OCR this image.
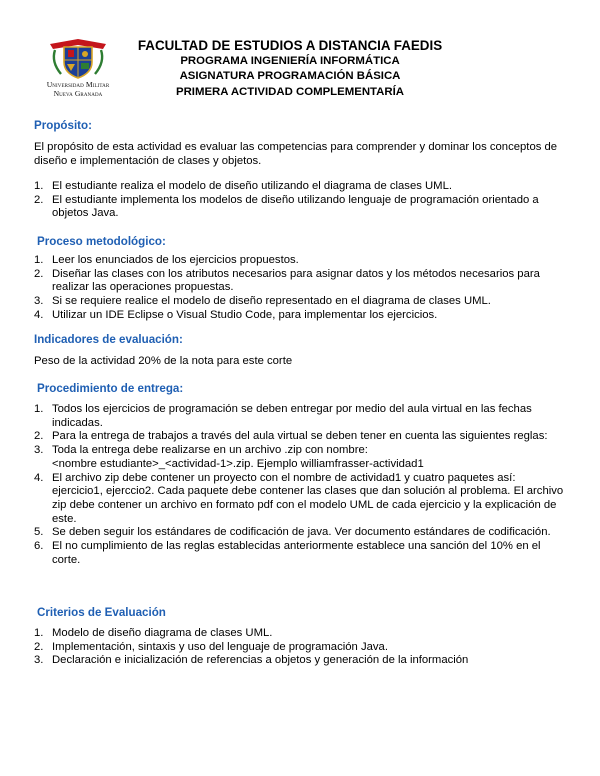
Universidad Militar
Nueva Granada
FACULTAD DE ESTUDIOS A DISTANCIA FAEDIS
PROGRAMA INGENIERÍA INFORMÁTICA
ASIGNATURA PROGRAMACIÓN BÁSICA
PRIMERA ACTIVIDAD COMPLEMENTARÍA
Propósito:
El propósito de esta actividad es evaluar las competencias para comprender y dominar los conceptos de diseño e implementación de clases y objetos.
1. El estudiante realiza el modelo de diseño utilizando el diagrama de clases UML.
2. El estudiante implementa los modelos de diseño utilizando lenguaje de programación orientado a objetos Java.
Proceso metodológico:
1. Leer los enunciados de los ejercicios propuestos.
2. Diseñar las clases con los atributos necesarios para asignar datos y los métodos necesarios para realizar las operaciones propuestas.
3. Si se requiere realice el modelo de diseño representado en el diagrama de clases UML.
4. Utilizar un IDE Eclipse o Visual Studio Code, para implementar los ejercicios.
Indicadores de evaluación:
Peso de la actividad 20% de la nota para este corte
Procedimiento de entrega:
1. Todos los ejercicios de programación se deben entregar por medio del aula virtual en las fechas indicadas.
2. Para la entrega de trabajos a través del aula virtual se deben tener en cuenta las siguientes reglas:
3. Toda la entrega debe realizarse en un archivo .zip con nombre:
<nombre estudiante>_<actividad-1>.zip. Ejemplo williamfrasser-actividad1
4. El archivo zip debe contener un proyecto con el nombre de actividad1 y cuatro paquetes así: ejercicio1, ejerccio2. Cada paquete debe contener las clases que dan solución al problema. El archivo zip debe contener un archivo en formato pdf con el modelo UML de cada ejercicio y la explicación de este.
5. Se deben seguir los estándares de codificación de java. Ver documento estándares de codificación.
6. El no cumplimiento de las reglas establecidas anteriormente establece una sanción del 10% en el corte.
Criterios de Evaluación
1. Modelo de diseño diagrama de clases UML.
2. Implementación, sintaxis y uso del lenguaje de programación Java.
3. Declaración e inicialización de referencias a objetos y generación de la información
